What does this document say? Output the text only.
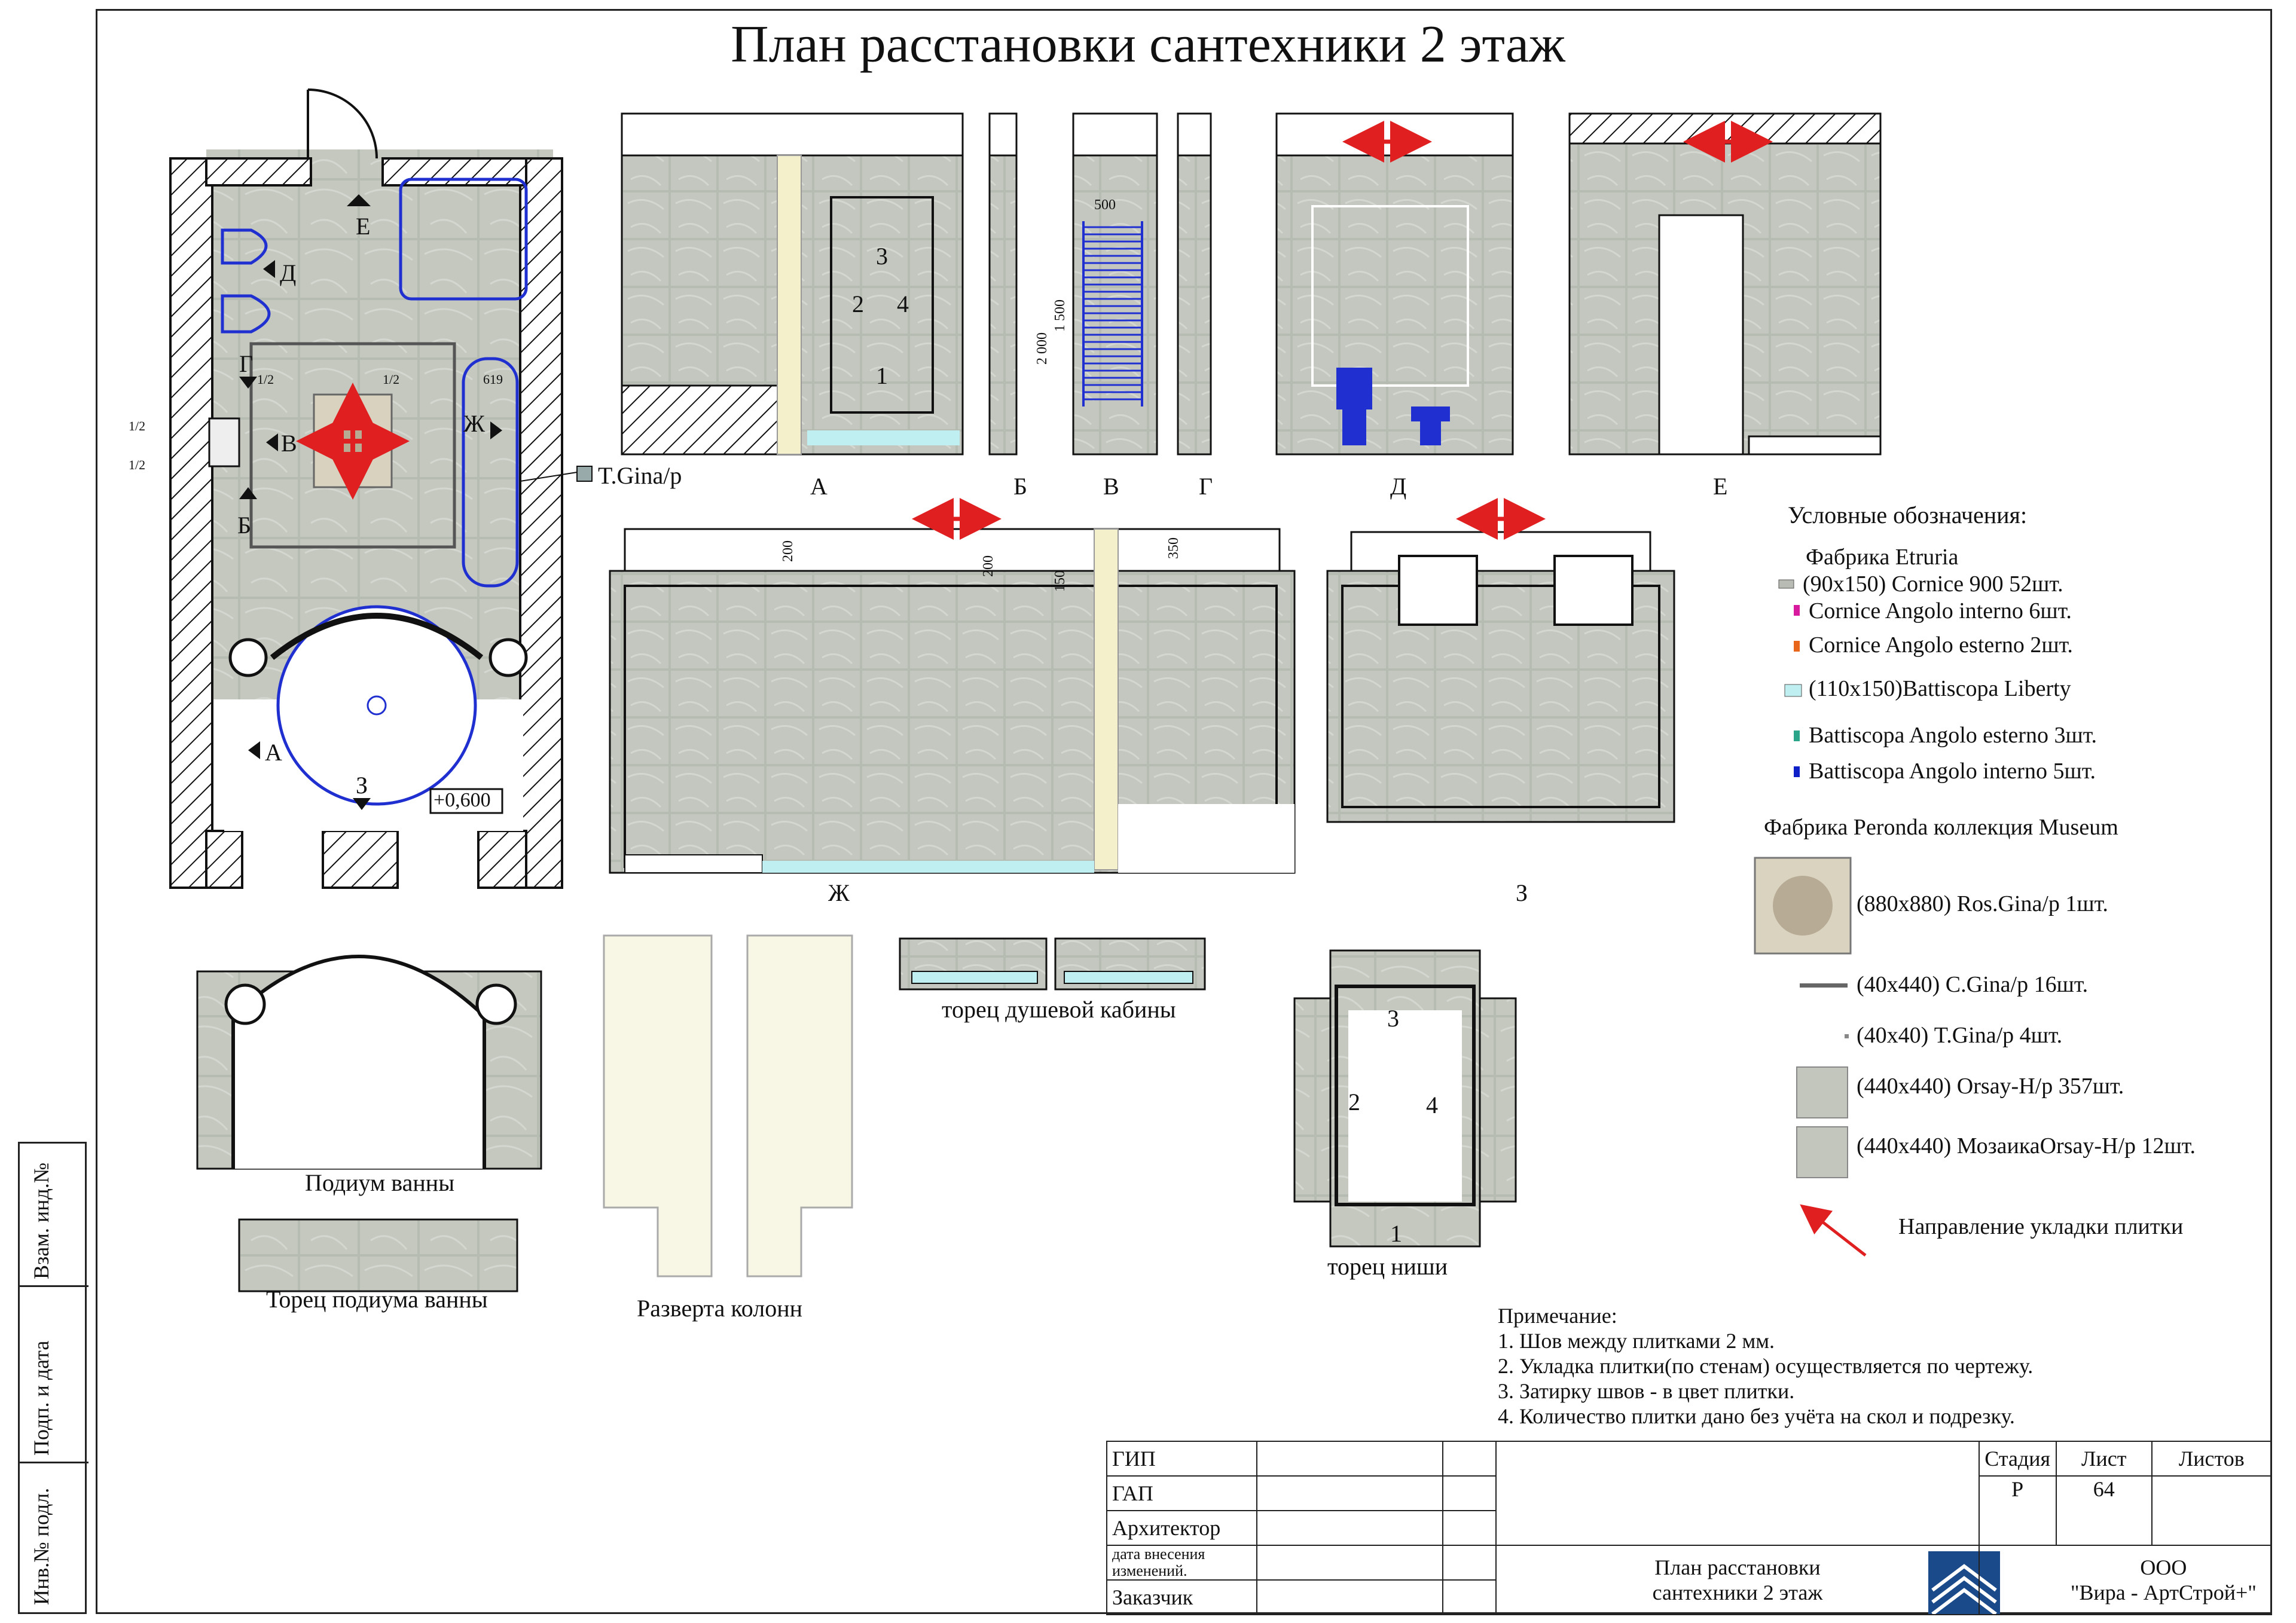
План расстановки сантехники 2 этаж
Е
Д
Г
В
Б
Ж
А
З
1/2	1/2
1/2
1/2
619
T.Gina/р
+0,600
А	Б	В	Г	Д	Е
Ж	З
3
2 4
1
500
2 000
1 500
200
200
150
350
Подиум ванны
Торец подиума ванны	Разверта колонн
торец душевой кабины
торец ниши
3
2	4
1
Условные обозначения:
Фабрика Etruria
(90х150) Cornice 900 52шт.
Cornice Angolo interno 6шт.
Cornice Angolo esterno 2шт.
(110х150)Battiscopa Liberty
Battiscopa Angolo esterno 3шт.
Battiscopa Angolo interno 5шт.
Фабрика Peronda коллекция Museum
(880х880) Ros.Gina/р 1шт.
(40х440) C.Gina/р 16шт.
(40х40) T.Gina/р 4шт.
(440х440) Orsay-H/р 357шт.
(440х440) МозаикаOrsay-H/р 12шт.
Направление укладки плитки
Примечание:
1. Шов между плитками 2 мм.
2. Укладка плитки(по стенам) осуществляется по чертежу.
3. Затирку швов - в цвет плитки.
4. Количество плитки дано без учёта на скол и подрезку.
ГИП				Стадия	Лист	Листов
ГАП				Р	64	
Архитектор						
дата внесения изменений.			План расстановки сантехники 2 этаж		ООО
"Вира - АртСтрой+"	

Заказчик						
Взам. инд.№
Подп. и дата
Инв.№ подл.
